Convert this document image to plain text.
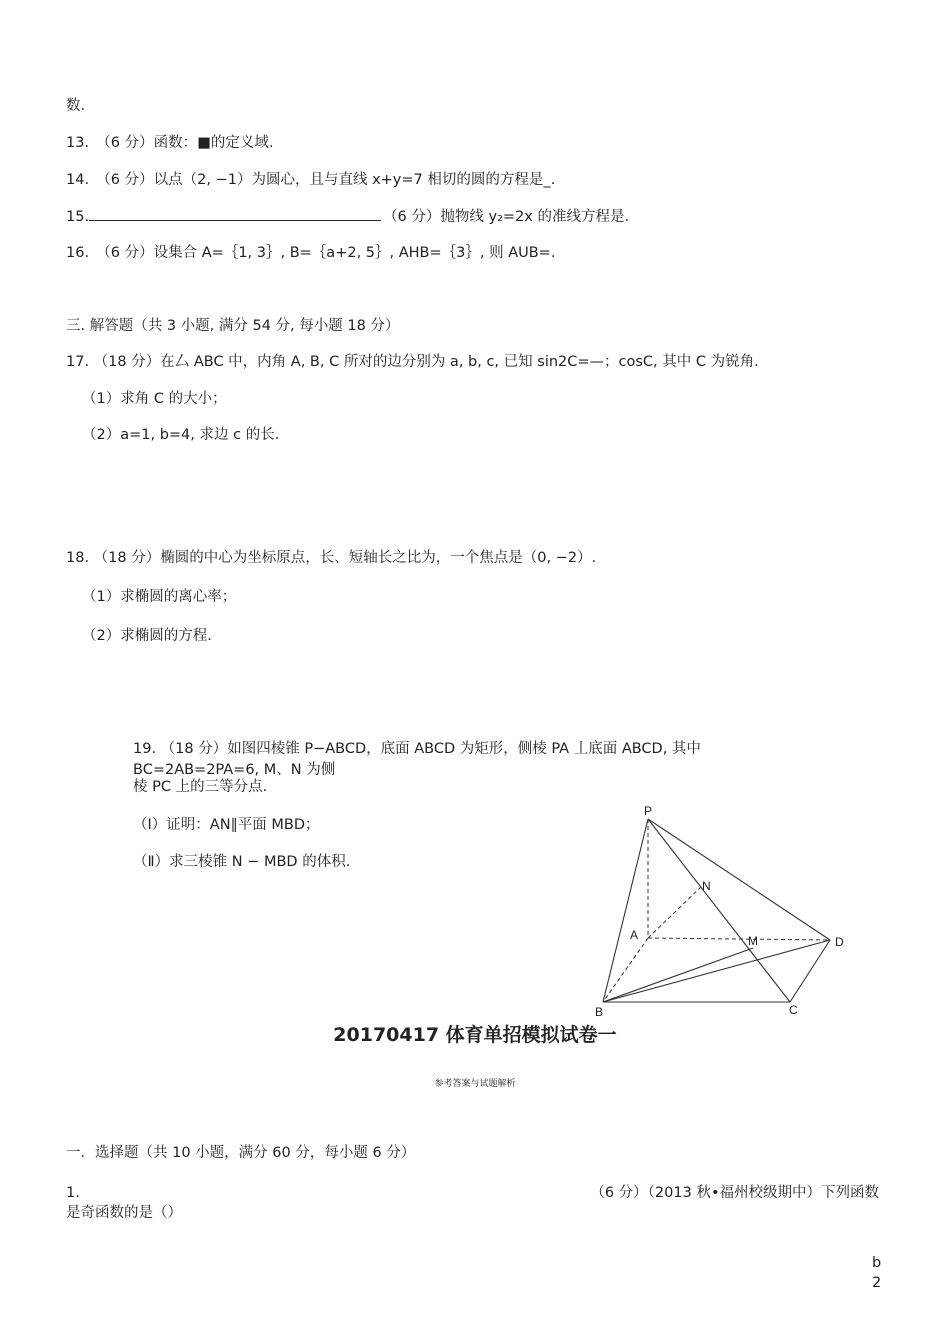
数．
13.　（6 分）函数：■的定义域.
14.　（6 分）以点（2, −1）为圆心，且与直线 x+y=7 相切的圆的方程是_.
15.	（6 分）抛物线 y₂=2x 的准线方程是.
16.　（6 分）设集合 A=｛1, 3｝, B=｛a+2, 5｝, AHB=｛3｝, 则 AUB=.
三. 解答题（共 3 小题, 满分 54 分, 每小题 18 分）
17. （18 分）在厶 ABC 中，内角 A, B, C 所对的边分别为 a, b, c, 已知 sin2C=—；cosC, 其中 C 为锐角.
（1）求角 C 的大小；
（2）a=1, b=4, 求边 c 的长.
18. （18 分）椭圆的中心为坐标原点，长、短轴长之比为，一个焦点是（0, −2）.
（1）求椭圆的离心率；
（2）求椭圆的方程.
19. （18 分）如图四棱锥 P−ABCD，底面 ABCD 为矩形，侧棱 PA 丄底面 ABCD, 其中
BC=2AB=2PA=6, M、N 为侧
棱 PC 上的三等分点.
（Ⅰ）证明：AN∥平面 MBD；
（Ⅱ）求三棱锥 N − MBD 的体积.
P
A
B	C
D
M
N
20170417 体育单招模拟试卷一
参考答案与试题解析
一．选择题（共 10 小题，满分 60 分，每小题 6 分）
1.	（6 分）（2013 秋•福州校级期中）下列函数
是奇函数的是（）
b
2
